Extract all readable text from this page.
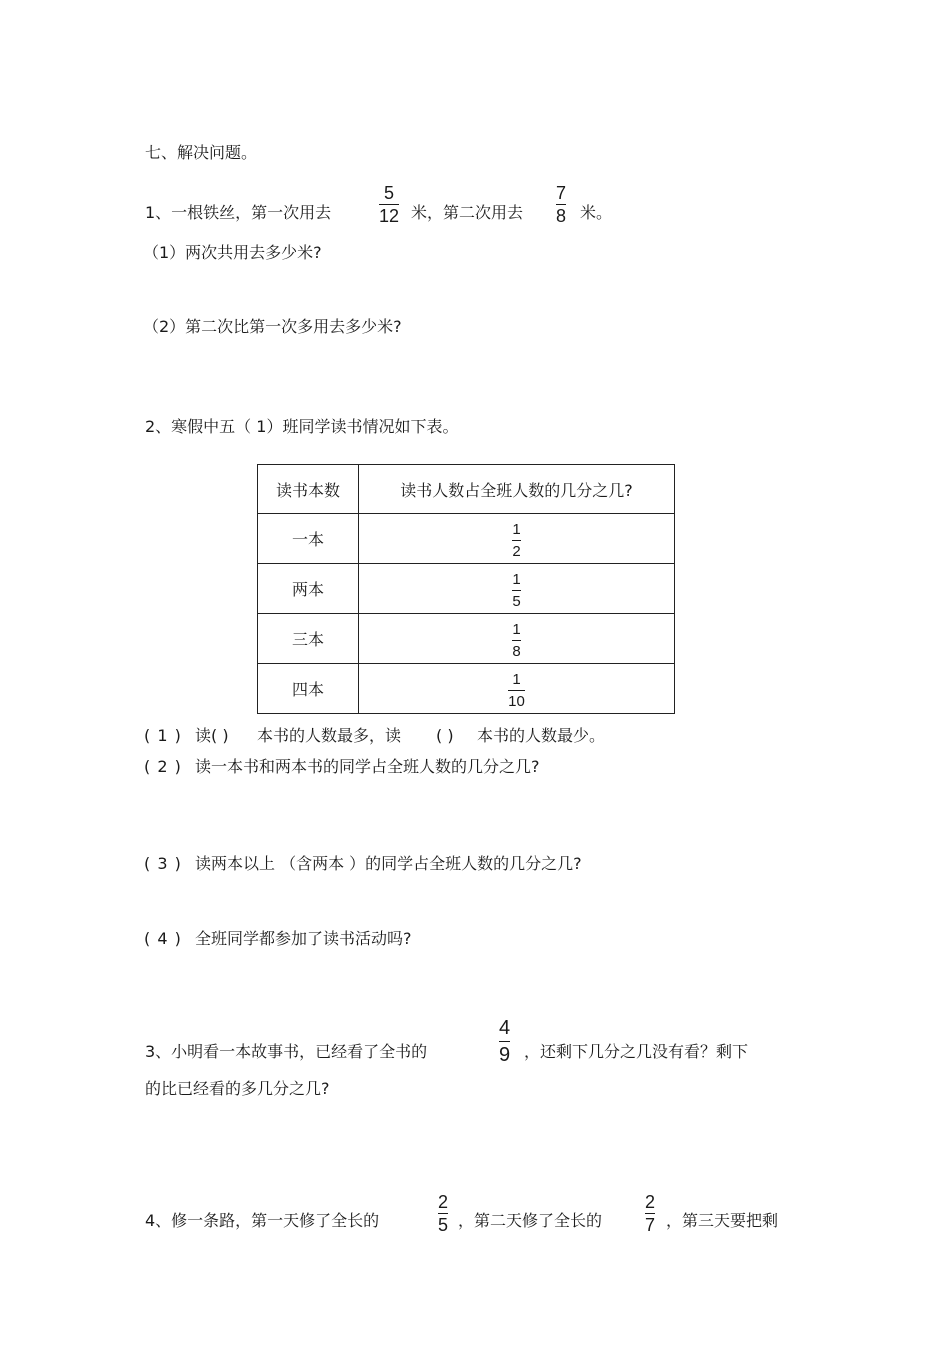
七、解决问题。
1、一根铁丝，第一次用去
5
12 米，第二次用去
7
8 米。
（1）两次共用去多少米?
（2）第二次比第一次多用去多少米?
2、寒假中五（ 1）班同学读书情况如下表。
读书本数	读书人数占全班人数的几分之几?
一本	$\frac{1}{2}$

两本	$\frac{1}{5}$

三本	$\frac{1}{8}$

四本	$\frac{1}{10}$
( 1 ) 读( ) 本书的人数最多，读 ( ) 本书的人数最少。
( 2 ) 读一本书和两本书的同学占全班人数的几分之几?
( 3 ) 读两本以上 （含两本 ）的同学占全班人数的几分之几?
( 4 ) 全班同学都参加了读书活动吗?
3、小明看一本故事书，已经看了全书的
4
9 ，还剩下几分之几没有看？剩下
的比已经看的多几分之几?
4、修一条路，第一天修了全长的
2
5 ，第二天修了全长的
2
7 ，第三天要把剩
